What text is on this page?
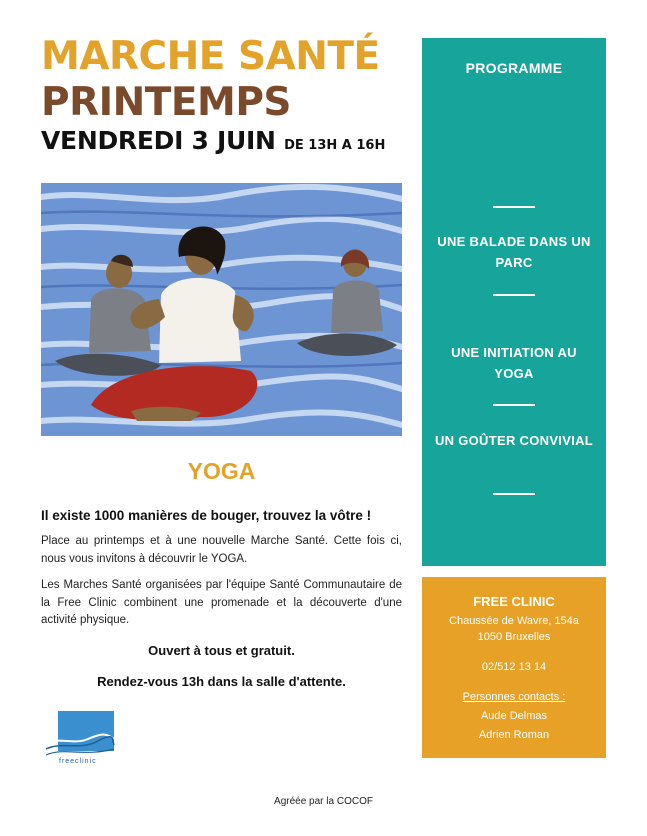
MARCHE SANTÉ
PRINTEMPS
VENDREDI 3 JUIN DE 13H A 16H
YOGA
Il existe 1000 manières de bouger, trouvez la vôtre !
Place au printemps et à une nouvelle Marche Santé. Cette fois ci, nous vous invitons à découvrir le YOGA.
Les Marches Santé organisées par l'équipe Santé Communautaire de la Free Clinic combinent une promenade et la découverte d'une activité physique.
Ouvert à tous et gratuit.
Rendez-vous 13h dans la salle d'attente.
freeclinic
Agréée par la COCOF
PROGRAMME
UNE BALADE DANS UN PARC
UNE INITIATION AU YOGA
UN GOÛTER CONVIVIAL
FREE CLINIC
Chaussée de Wavre, 154a
1050 Bruxelles
02/512 13 14
Personnes contacts :
Aude Delmas
Adrien Roman
